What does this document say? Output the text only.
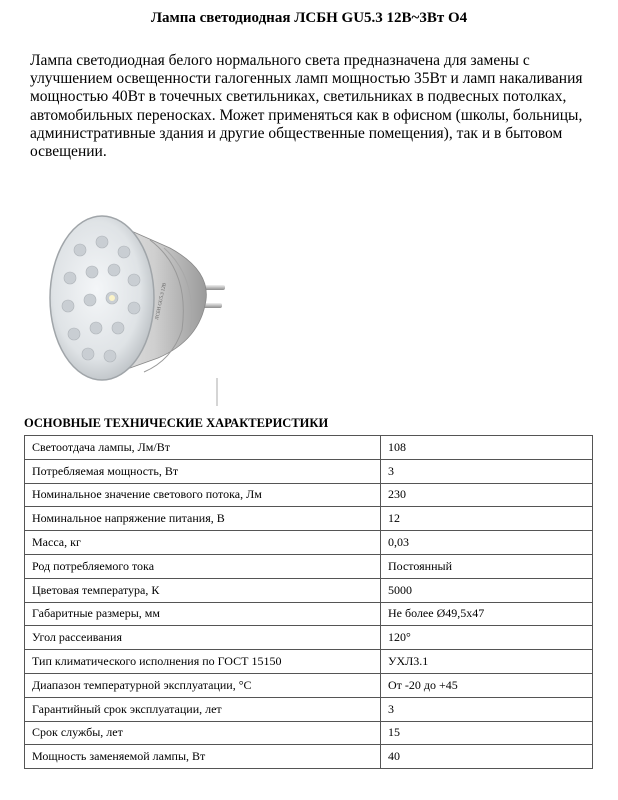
Лампа светодиодная ЛСБН GU5.3 12В~3Вт О4

Лампа светодиодная белого нормального света предназначена для замены с улучшением освещенности галогенных ламп мощностью 35Вт и ламп накаливания мощностью 40Вт в точечных светильниках, светильниках в подвесных потолках, автомобильных переносках. Может применяться как в офисном (школы, больницы, административные здания и другие общественные помещения), так и в бытовом освещении.

ЛСБН GU5.3 12В
ОСНОВНЫЕ ТЕХНИЧЕСКИЕ ХАРАКТЕРИСТИКИ
Светоотдача лампы, Лм/Вт	108
Потребляемая мощность, Вт	3
Номинальное значение светового потока, Лм	230
Номинальное напряжение питания, В	12
Масса, кг	0,03
Род потребляемого тока	Постоянный
Цветовая температура, К	5000
Габаритные размеры, мм	Не более Ø49,5х47
Угол рассеивания	120°
Тип климатического исполнения по ГОСТ 15150	УХЛ3.1
Диапазон температурной эксплуатации, °С	От -20 до +45
Гарантийный срок эксплуатации, лет	3
Срок службы, лет	15
Мощность заменяемой лампы, Вт	40
